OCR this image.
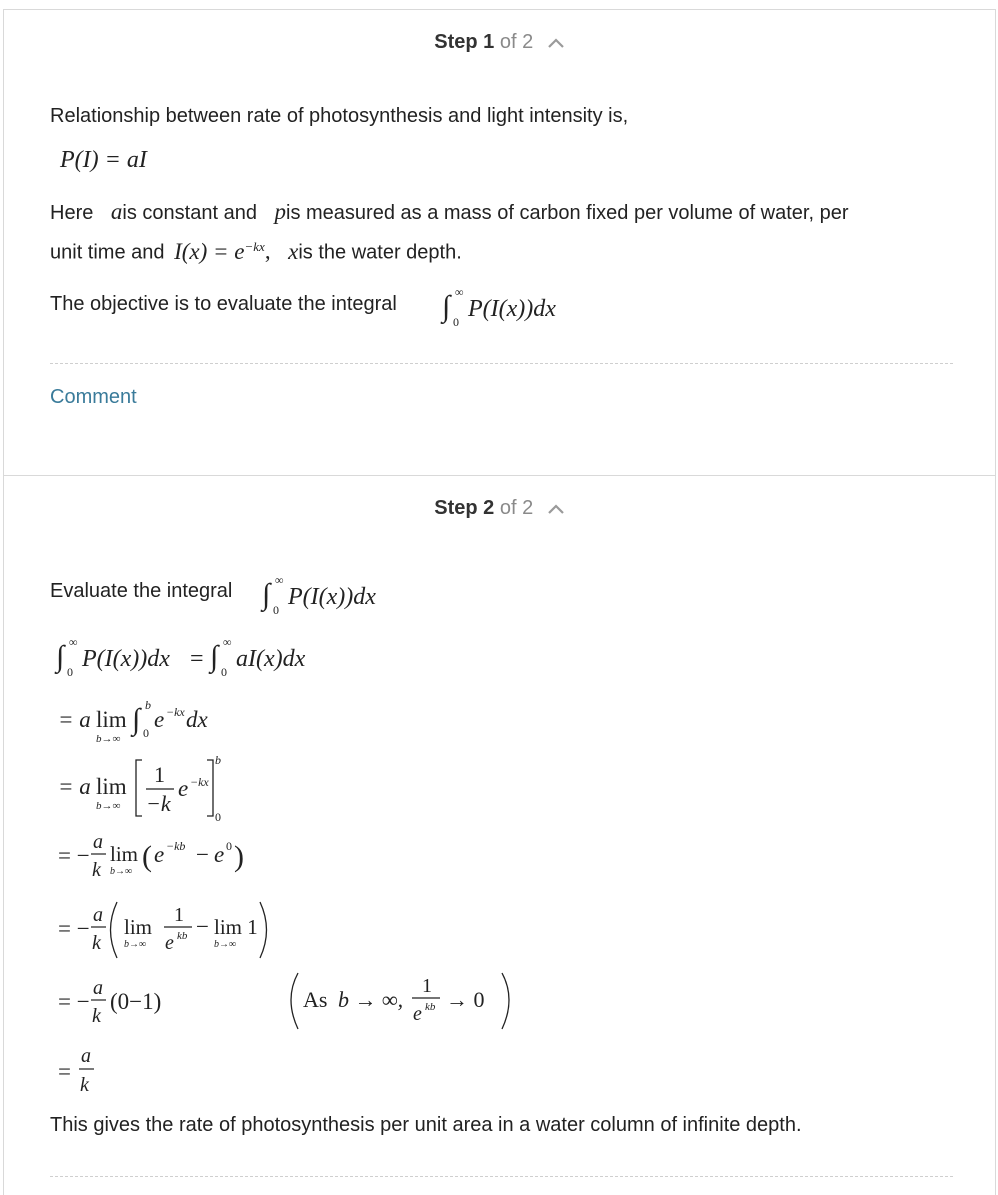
Step 1 of 2
Relationship between rate of photosynthesis and light intensity is,
P(I) = aI
Here ais constant and pis measured as a mass of carbon fixed per volume of water, per
unit time and $I(x) = e^{-kx}$, xis the water depth.
The objective is to evaluate the integral ∫ ∞
0 P(I(x))dx
Comment
Step 2 of 2
Evaluate the integral ∫ ∞
0 P(I(x))dx
∫ ∞
0 P(I(x))dx = ∫ ∞
0 aI(x)dx
= a lim
b→∞
∫ b
0
e −kx dx
= a lim
b→∞
1
−k
e −kx
b
0
= −
a
k
lim
b→∞ ( e −kb − e 0 )
= −
a
k
lim
b→∞
1
e kb − lim 1
b→∞
= −
a
k
(0−1)	As b → ∞,
1
e kb → 0
=
a
k
This gives the rate of photosynthesis per unit area in a water column of infinite depth.
